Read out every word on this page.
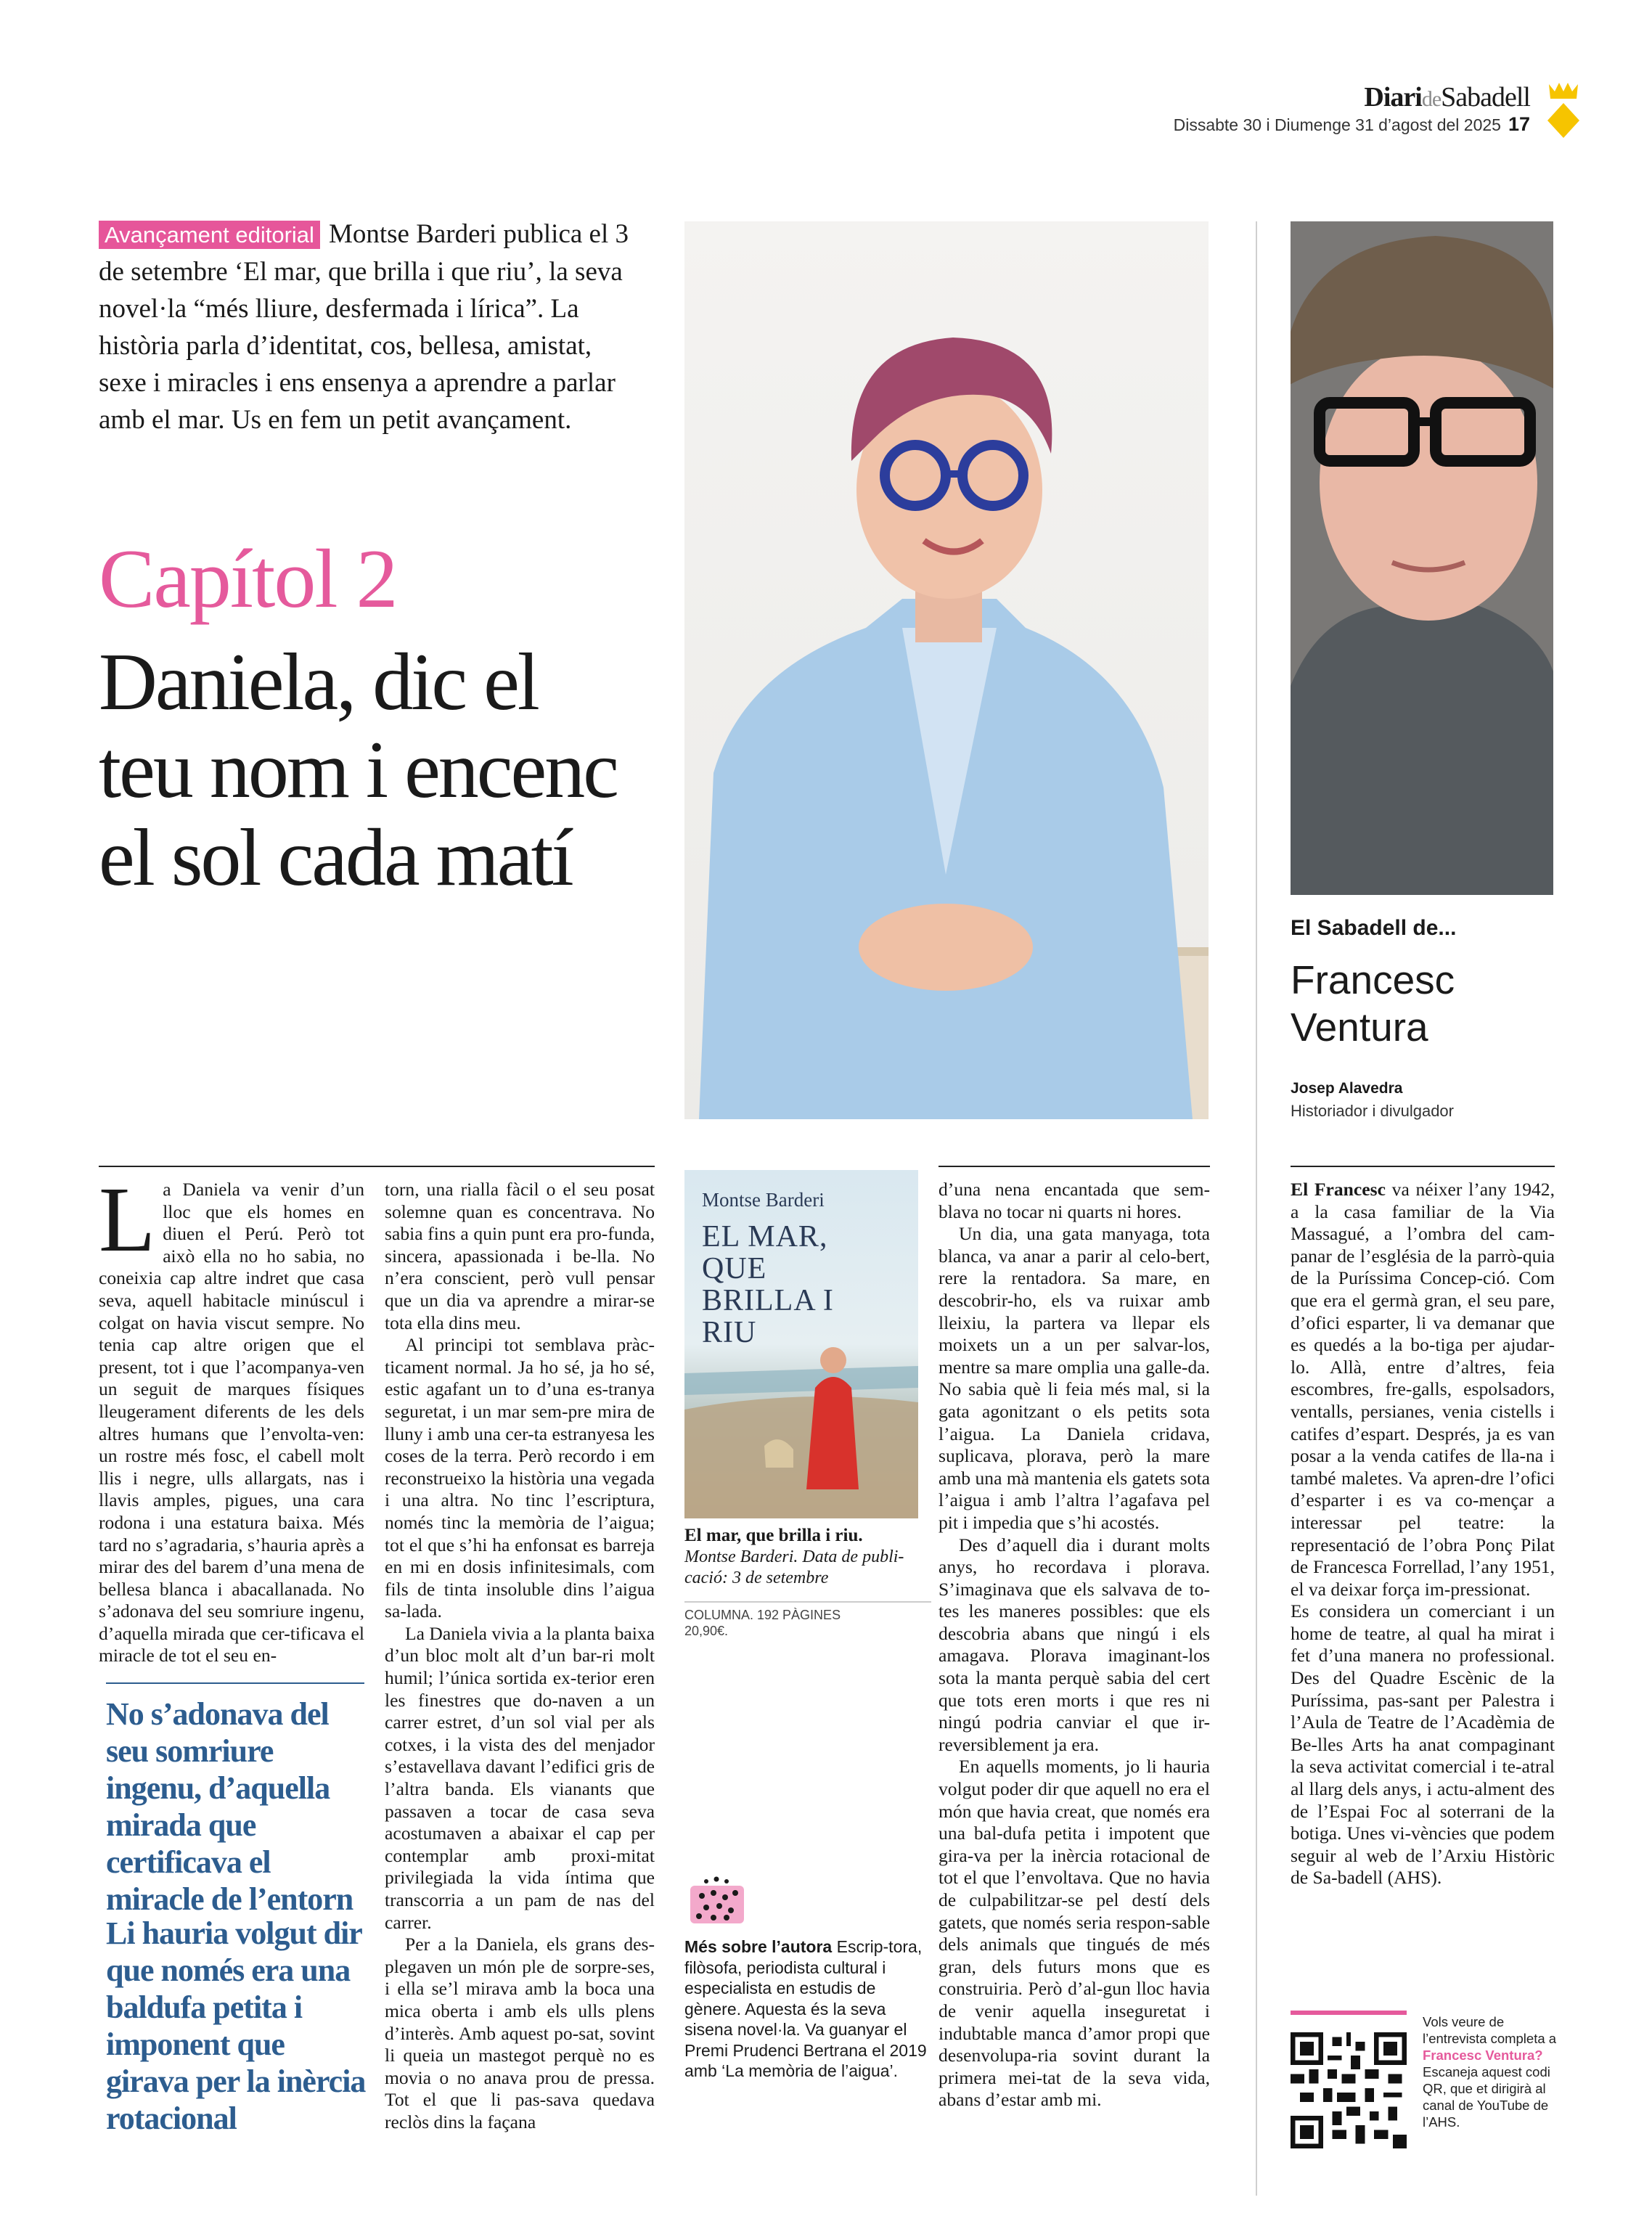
DiarideSabadell
Dissabte 30 i Diumenge 31 d’agost del 2025 17
Avançament editorial Montse Barderi publica el 3 de setembre ‘El mar, que brilla i que riu’, la seva novel·la “més lliure, desfermada i lírica”. La història parla d’identitat, cos, bellesa, amistat, sexe i miracles i ens ensenya a aprendre a parlar amb el mar. Us en fem un petit avançament.
Capítol 2
Daniela, dic el teu nom i encenc el sol cada matí
El Sabadell de...
Francesc Ventura
Josep Alavedra
Historiador i divulgador

La Daniela va venir d’un lloc que els homes en diuen el Perú. Però tot això ella no ho sabia, no coneixia cap altre indret que casa seva, aquell habitacle minúscul i colgat on havia viscut sempre. No tenia cap altre origen que el present, tot i que l’acompanya-ven un seguit de marques físiques lleugerament diferents de les dels altres humans que l’envolta-ven: un rostre més fosc, el cabell molt llis i negre, ulls allargats, nas i llavis amples, pigues, una cara rodona i una estatura baixa. Més tard no s’agradaria, s’hauria après a mirar des del barem d’una mena de bellesa blanca i abacallanada. No s’adonava del seu somriure ingenu, d’aquella mirada que cer-tificava el miracle de tot el seu en-

No s’adonava del seu somriure ingenu, d’aquella mirada que certificava el miracle de l’entorn
Li hauria volgut dir que només era una baldufa petita i imponent que girava per la inèrcia rotacional

torn, una rialla fàcil o el seu posat solemne quan es concentrava. No sabia fins a quin punt era pro-funda, sincera, apassionada i be-lla. No n’era conscient, però vull pensar que un dia va aprendre a mirar-se tota ella dins meu.

Al principi tot semblava pràc-ticament normal. Ja ho sé, ja ho sé, estic agafant un to d’una es-tranya seguretat, i un mar sem-pre mira de lluny i amb una cer-ta estranyesa les coses de la terra. Però recordo i em reconstrueixo la història una vegada i una altra. No tinc l’escriptura, només tinc la memòria de l’aigua; tot el que s’hi ha enfonsat es barreja en mi en dosis infinitesimals, com fils de tinta insoluble dins l’aigua sa-lada.

La Daniela vivia a la planta baixa d’un bloc molt alt d’un bar-ri molt humil; l’única sortida ex-terior eren les finestres que do-naven a un carrer estret, d’un sol vial per als cotxes, i la vista des del menjador s’estavellava davant l’edifici gris de l’altra banda. Els vianants que passaven a tocar de casa seva acostumaven a abaixar el cap per contemplar amb proxi-mitat privilegiada la vida íntima que transcorria a un pam de nas del carrer.

Per a la Daniela, els grans des-plegaven un món ple de sorpre-ses, i ella se’l mirava amb la boca una mica oberta i amb els ulls plens d’interès. Amb aquest po-sat, sovint li queia un mastegot perquè no es movia o no anava prou de pressa. Tot el que li pas-sava quedava reclòs dins la façana

Montse Barderi
EL MAR, QUE BRILLA I RIU
El mar, que brilla i riu.
Montse Barderi. Data de publi-cació: 3 de setembre
COLUMNA. 192 PÀGINES
20,90€.
Més sobre l’autora Escrip-tora, filòsofa, periodista cultural i especialista en estudis de gènere. Aquesta és la seva sisena novel·la. Va guanyar el Premi Prudenci Bertrana el 2019 amb ‘La memòria de l’aigua’.

d’una nena encantada que sem-blava no tocar ni quarts ni hores.

Un dia, una gata manyaga, tota blanca, va anar a parir al celo-bert, rere la rentadora. Sa mare, en descobrir-ho, els va ruixar amb lleixiu, la partera va llepar els moixets un a un per salvar-los, mentre sa mare omplia una galle-da. No sabia què li feia més mal, si la gata agonitzant o els petits sota l’aigua. La Daniela cridava, suplicava, plorava, però la mare amb una mà mantenia els gatets sota l’aigua i amb l’altra l’agafava pel pit i impedia que s’hi acostés.

Des d’aquell dia i durant molts anys, ho recordava i plorava. S’imaginava que els salvava de to-tes les maneres possibles: que els descobria abans que ningú i els amagava. Plorava imaginant-los sota la manta perquè sabia del cert que tots eren morts i que res ni ningú podria canviar el que ir-reversiblement ja era.

En aquells moments, jo li hauria volgut poder dir que aquell no era el món que havia creat, que només era una bal-dufa petita i impotent que gira-va per la inèrcia rotacional de tot el que l’envoltava. Que no havia de culpabilitzar-se pel destí dels gatets, que només seria respon-sable dels animals que tingués de més gran, dels futurs mons que es construiria. Però d’al-gun lloc havia de venir aquella inseguretat i indubtable manca d’amor propi que desenvolupa-ria sovint durant la primera mei-tat de la seva vida, abans d’estar amb mi.

El Francesc va néixer l’any 1942, a la casa familiar de la Via Massagué, a l’ombra del cam-panar de l’església de la parrò-quia de la Puríssima Concep-ció. Com que era el germà gran, el seu pare, d’ofici esparter, li va demanar que es quedés a la bo-tiga per ajudar-lo. Allà, entre d’altres, feia escombres, fre-galls, espolsadors, ventalls, persianes, venia cistells i catifes d’espart. Després, ja es van posar a la venda catifes de lla-na i també maletes. Va apren-dre l’ofici d’esparter i es va co-mençar a interessar pel teatre: la representació de l’obra Ponç Pilat de Francesca Forrellad, l’any 1951, el va deixar força im-pressionat.

Es considera un comerciant i un home de teatre, al qual ha mirat i fet d’una manera no professional. Des del Quadre Escènic de la Puríssima, pas-sant per Palestra i l’Aula de Teatre de l’Acadèmia de Be-lles Arts ha anat compaginant la seva activitat comercial i te-atral al llarg dels anys, i actu-alment des de l’Espai Foc al soterrani de la botiga. Unes vi-vències que podem seguir al web de l’Arxiu Històric de Sa-badell (AHS).

Vols veure de l’entrevista completa a Francesc Ventura? Escaneja aquest codi QR, que et dirigirà al canal de YouTube de l’AHS.
